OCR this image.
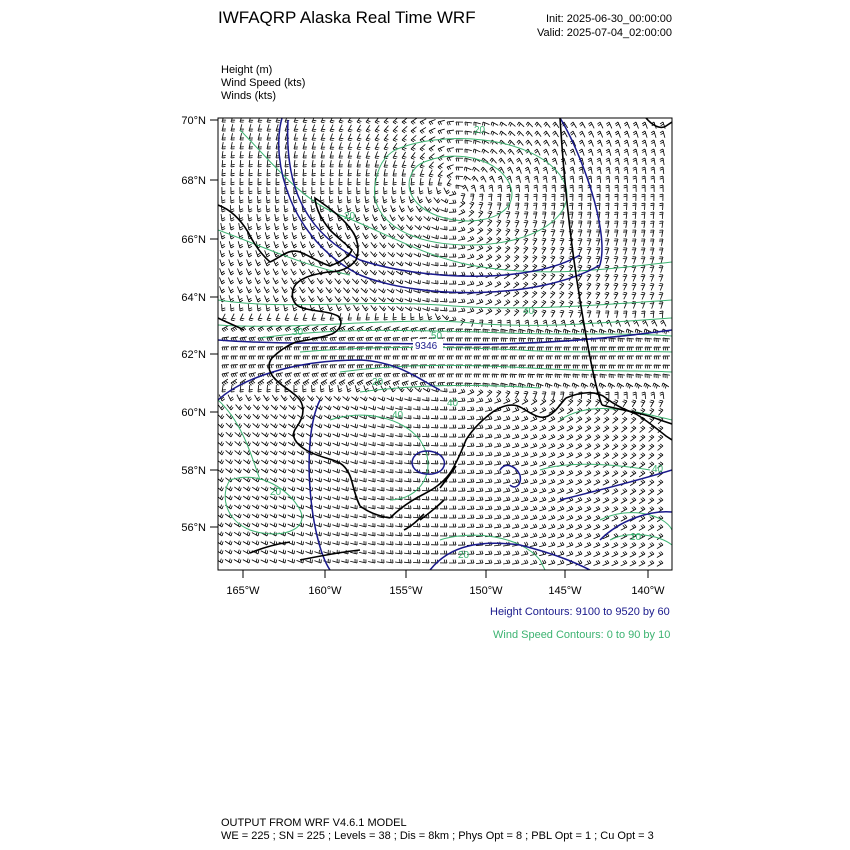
IWFAQRP Alaska Real Time WRF	Init: 2025-06-30_00:00:00
Valid: 2025-07-04_02:00:00
Height (m)
Wind Speed (kts)
Winds (kts)
9346
20
20
30
40
50
40
40
20
20
40
10
20
70°N
68°N
66°N
64°N
62°N
60°N
58°N
56°N
165°W	160°W	155°W	150°W	145°W	140°W
Height Contours: 9100 to 9520 by 60
Wind Speed Contours: 0 to 90 by 10
OUTPUT FROM WRF V4.6.1 MODEL
WE = 225 ; SN = 225 ; Levels = 38 ; Dis = 8km ; Phys Opt = 8 ; PBL Opt = 1 ; Cu Opt = 3
